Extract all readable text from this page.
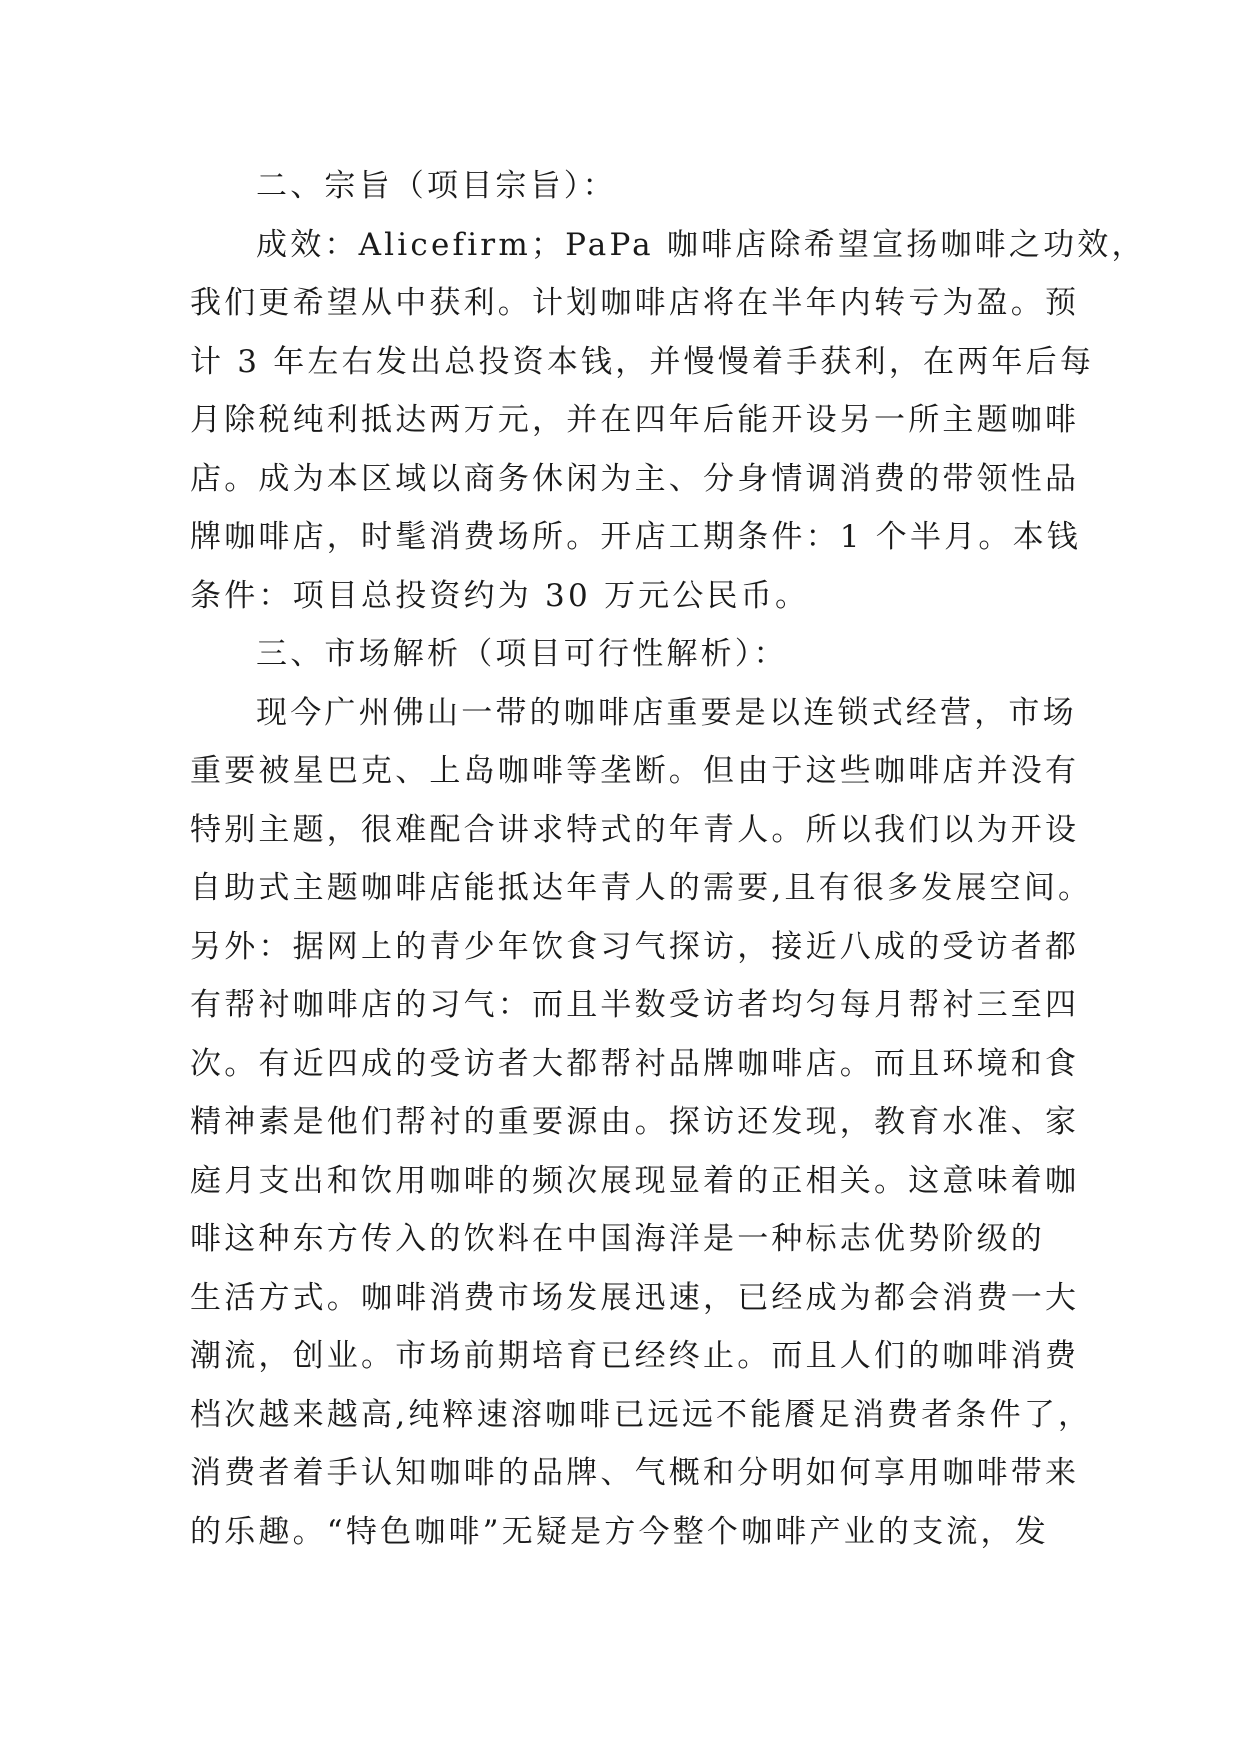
二、宗旨（项目宗旨）：
成效：Alicefirm；PaPa 咖啡店除希望宣扬咖啡之功效，
我们更希望从中获利。计划咖啡店将在半年内转亏为盈。预
计 3 年左右发出总投资本钱，并慢慢着手获利，在两年后每
月除税纯利抵达两万元，并在四年后能开设另一所主题咖啡
店。成为本区域以商务休闲为主、分身情调消费的带领性品
牌咖啡店，时髦消费场所。开店工期条件：1 个半月。本钱
条件：项目总投资约为 30 万元公民币。
三、市场解析（项目可行性解析）：
现今广州佛山一带的咖啡店重要是以连锁式经营，市场
重要被星巴克、上岛咖啡等垄断。但由于这些咖啡店并没有
特别主题，很难配合讲求特式的年青人。所以我们以为开设
自助式主题咖啡店能抵达年青人的需要,且有很多发展空间。
另外：据网上的青少年饮食习气探访，接近八成的受访者都
有帮衬咖啡店的习气：而且半数受访者均匀每月帮衬三至四
次。有近四成的受访者大都帮衬品牌咖啡店。而且环境和食
精神素是他们帮衬的重要源由。探访还发现，教育水准、家
庭月支出和饮用咖啡的频次展现显着的正相关。这意味着咖
啡这种东方传入的饮料在中国海洋是一种标志优势阶级的
生活方式。咖啡消费市场发展迅速，已经成为都会消费一大
潮流，创业。市场前期培育已经终止。而且人们的咖啡消费
档次越来越高,纯粹速溶咖啡已远远不能餍足消费者条件了，
消费者着手认知咖啡的品牌、气概和分明如何享用咖啡带来
的乐趣。“特色咖啡”无疑是方今整个咖啡产业的支流，发
